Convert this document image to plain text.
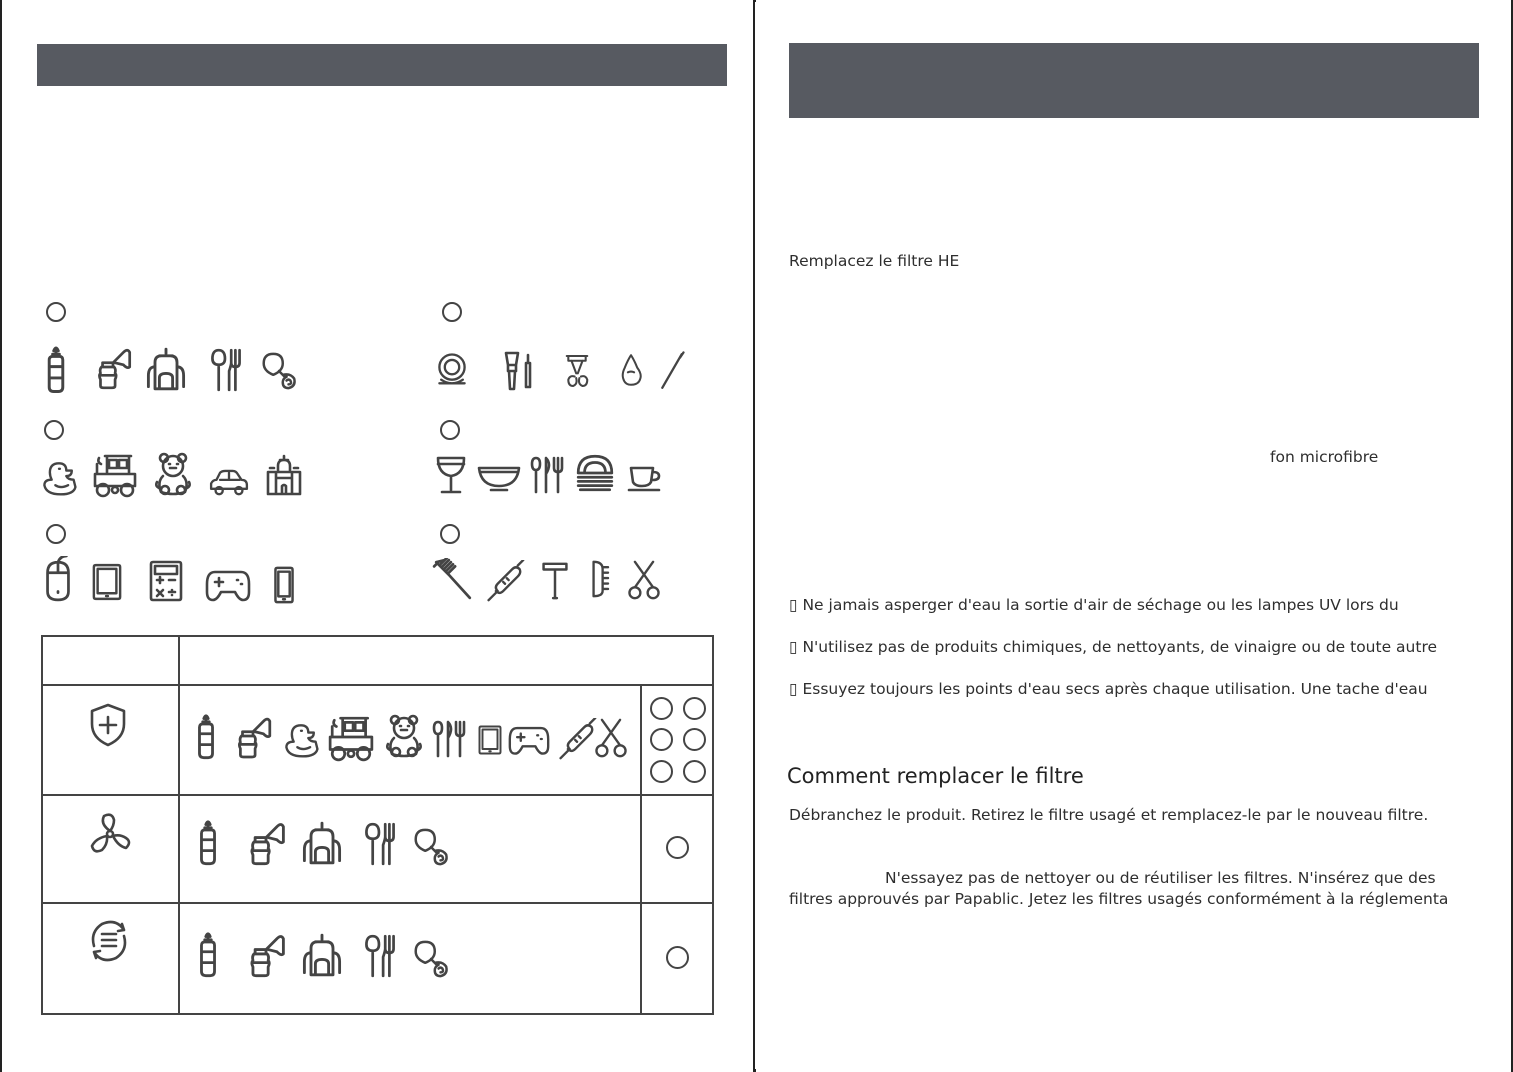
Remplacez le filtre HE
fon microfibre
▯ Ne jamais asperger d'eau la sortie d'air de séchage ou les lampes UV lors du
▯ N'utilisez pas de produits chimiques, de nettoyants, de vinaigre ou de toute autre
▯ Essuyez toujours les points d'eau secs après chaque utilisation. Une tache d'eau
Comment remplacer le filtre
Débranchez le produit. Retirez le filtre usagé et remplacez-le par le nouveau filtre.
N'essayez pas de nettoyer ou de réutiliser les filtres. N'insérez que des
filtres approuvés par Papablic. Jetez les filtres usagés conformément à la réglementa
